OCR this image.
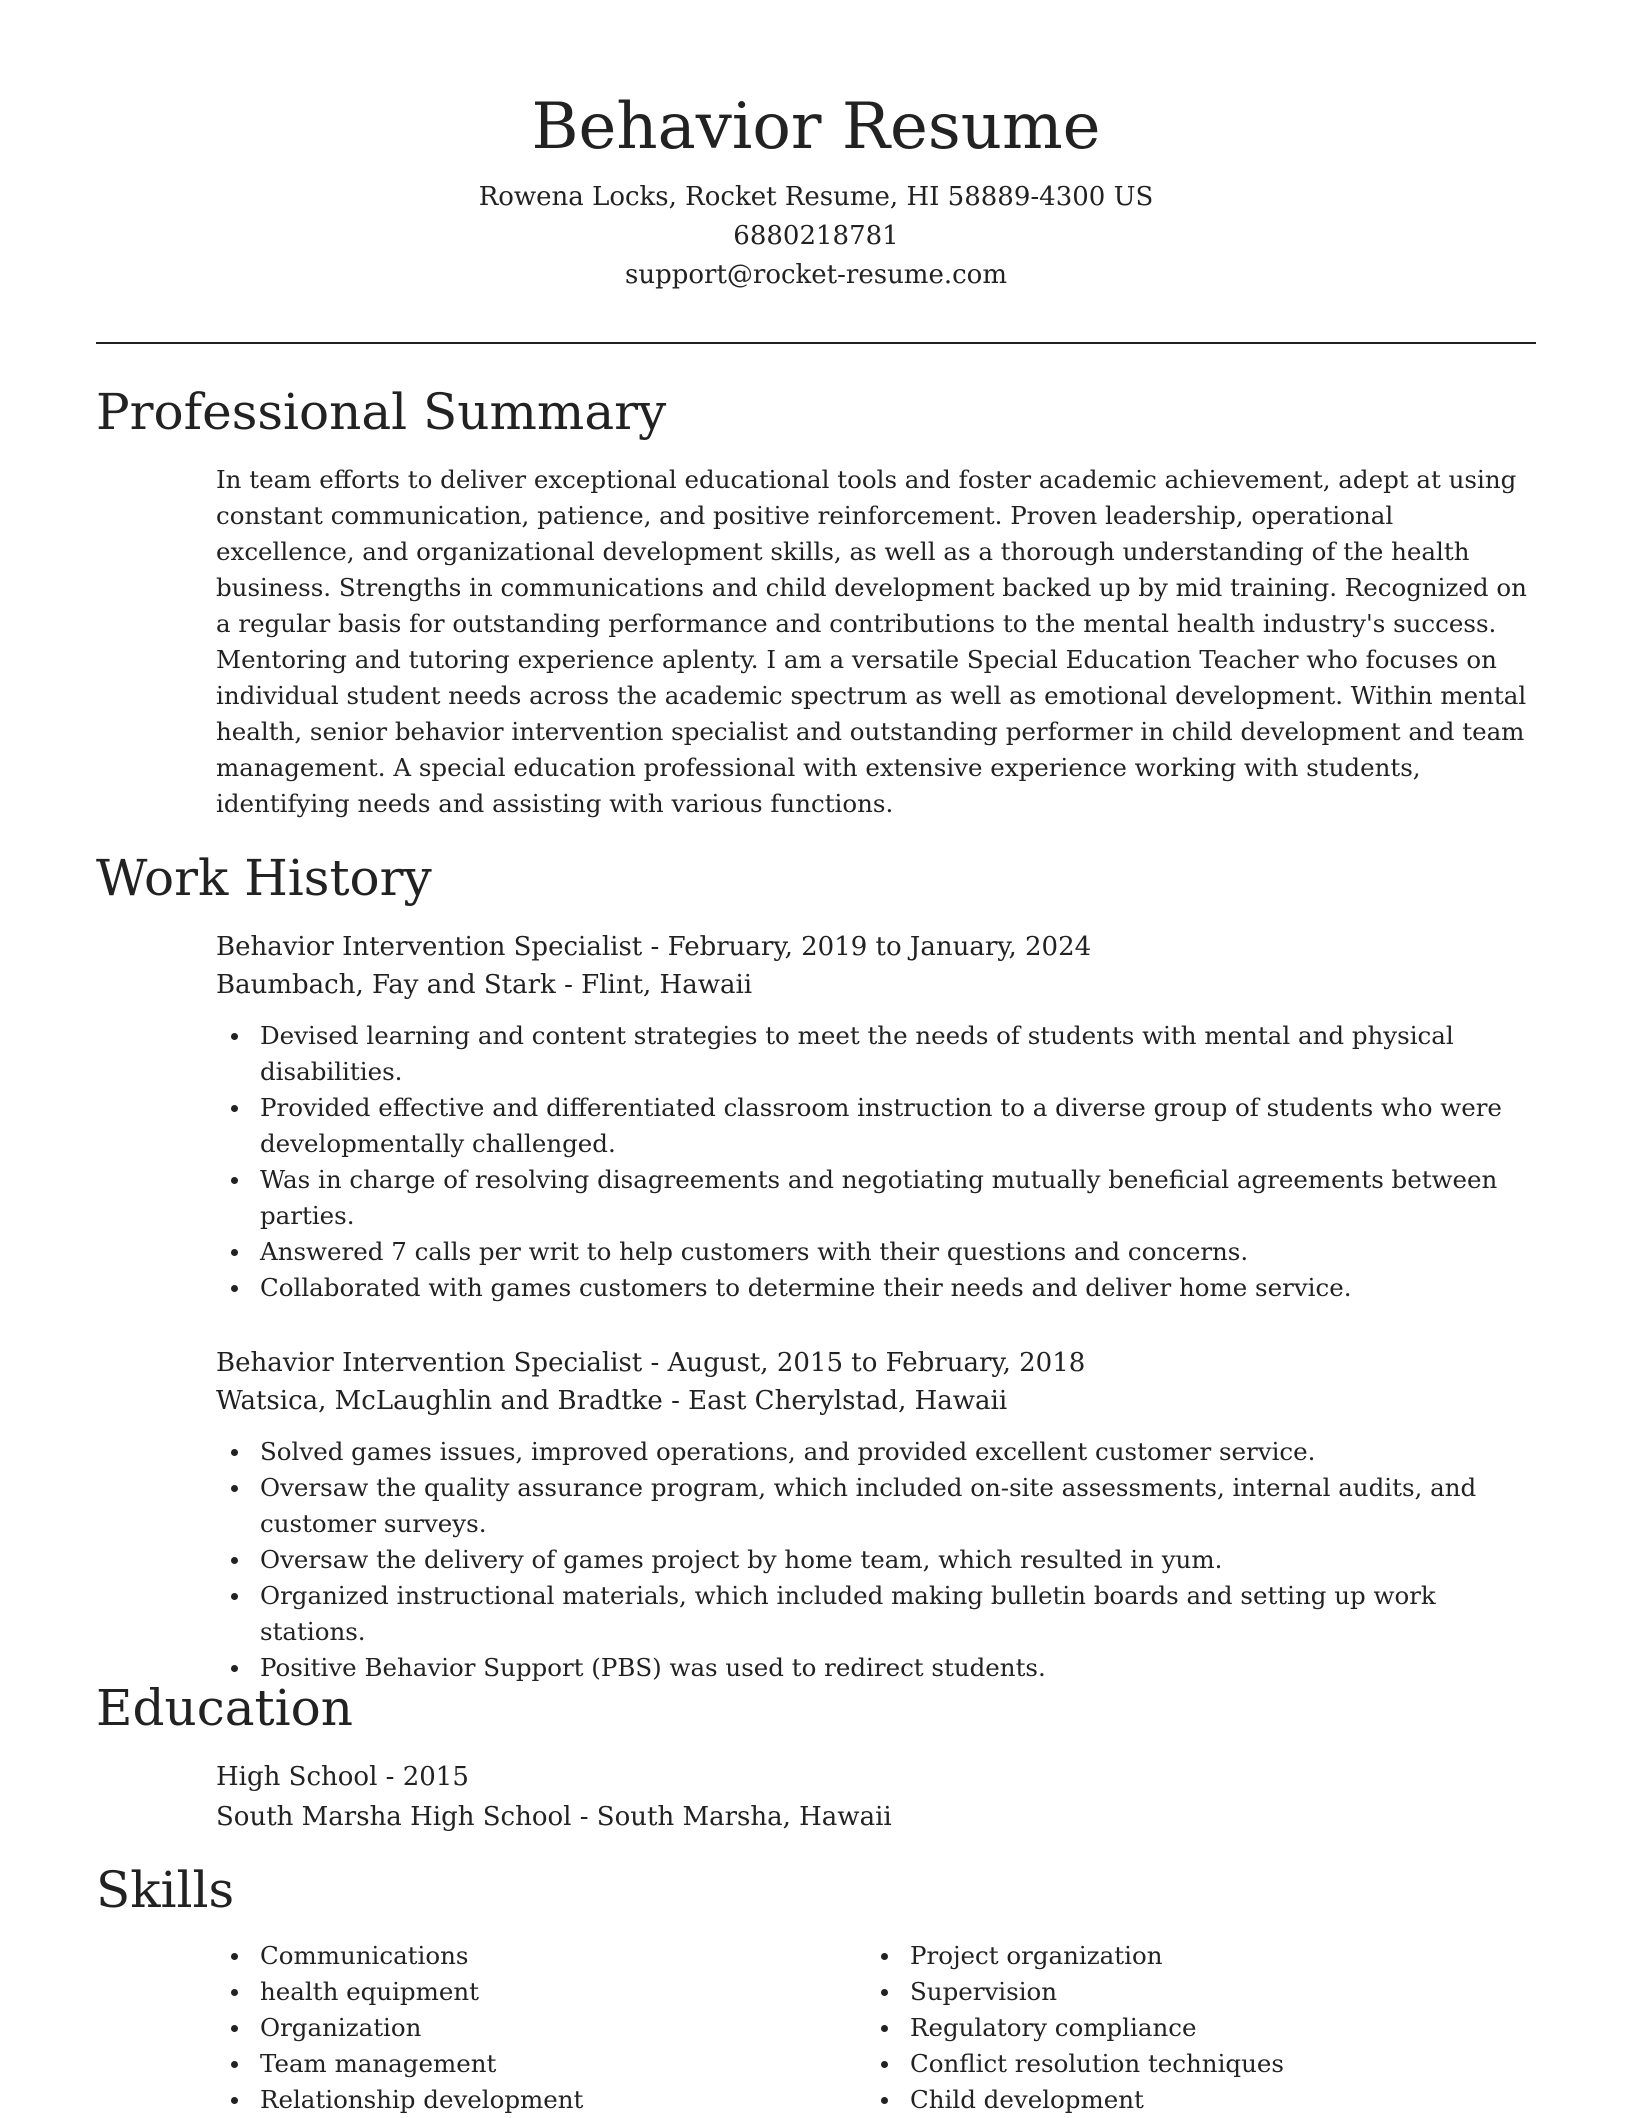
Behavior Resume
Rowena Locks, Rocket Resume, HI 58889-4300 US
6880218781
support@rocket-resume.com
Professional Summary

In team efforts to deliver exceptional educational tools and foster academic achievement, adept at using constant communication, patience, and positive reinforcement. Proven leadership, operational excellence, and organizational development skills, as well as a thorough understanding of the health business. Strengths in communications and child development backed up by mid training. Recognized on a regular basis for outstanding performance and contributions to the mental health industry's success. Mentoring and tutoring experience aplenty. I am a versatile Special Education Teacher who focuses on individual student needs across the academic spectrum as well as emotional development. Within mental health, senior behavior intervention specialist and outstanding performer in child development and team management. A special education professional with extensive experience working with students, identifying needs and assisting with various functions.

Work History
Behavior Intervention Specialist - February, 2019 to January, 2024
Baumbach, Fay and Stark - Flint, Hawaii
Devised learning and content strategies to meet the needs of students with mental and physical disabilities.
Provided effective and differentiated classroom instruction to a diverse group of students who were developmentally challenged.
Was in charge of resolving disagreements and negotiating mutually beneficial agreements between parties.
Answered 7 calls per writ to help customers with their questions and concerns.
Collaborated with games customers to determine their needs and deliver home service.
Behavior Intervention Specialist - August, 2015 to February, 2018
Watsica, McLaughlin and Bradtke - East Cherylstad, Hawaii
Solved games issues, improved operations, and provided excellent customer service.
Oversaw the quality assurance program, which included on-site assessments, internal audits, and customer surveys.
Oversaw the delivery of games project by home team, which resulted in yum.
Organized instructional materials, which included making bulletin boards and setting up work stations.
Positive Behavior Support (PBS) was used to redirect students.
Education
High School - 2015
South Marsha High School - South Marsha, Hawaii
Skills
Communications
health equipment
Organization
Team management
Relationship development
Project organization
Supervision
Regulatory compliance
Conflict resolution techniques
Child development
